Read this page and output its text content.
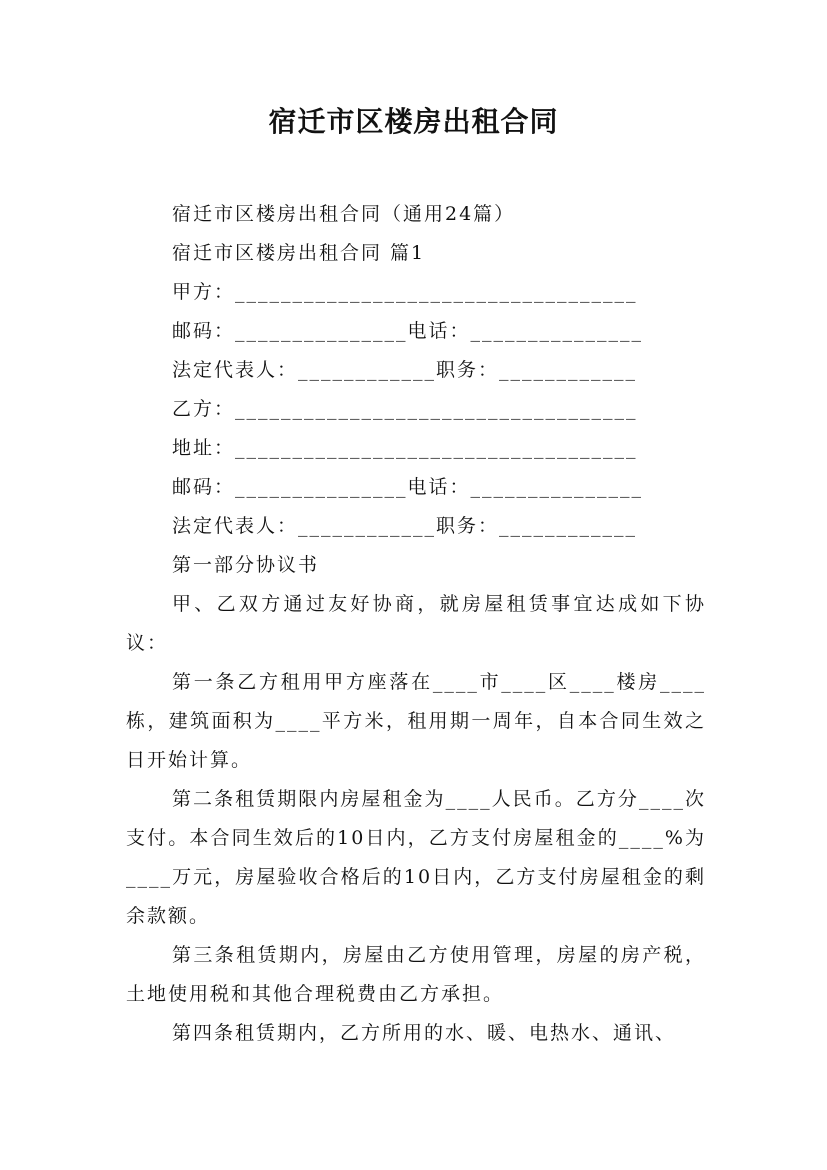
宿迁市区楼房出租合同

宿迁市区楼房出租合同（通用24篇）

宿迁市区楼房出租合同 篇1

甲方：___________________________________

邮码：_______________电话：_______________

法定代表人：____________职务：____________

乙方：___________________________________

地址：___________________________________

邮码：_______________电话：_______________

法定代表人：____________职务：____________

第一部分协议书

甲、乙双方通过友好协商，就房屋租赁事宜达成如下协议：

第一条乙方租用甲方座落在____市____区____楼房____栋，建筑面积为____平方米，租用期一周年，自本合同生效之日开始计算。

第二条租赁期限内房屋租金为____人民币。乙方分____次支付。本合同生效后的10日内，乙方支付房屋租金的____%为____万元，房屋验收合格后的10日内，乙方支付房屋租金的剩余款额。

第三条租赁期内，房屋由乙方使用管理，房屋的房产税，土地使用税和其他合理税费由乙方承担。

第四条租赁期内，乙方所用的水、暖、电热水、通讯、
